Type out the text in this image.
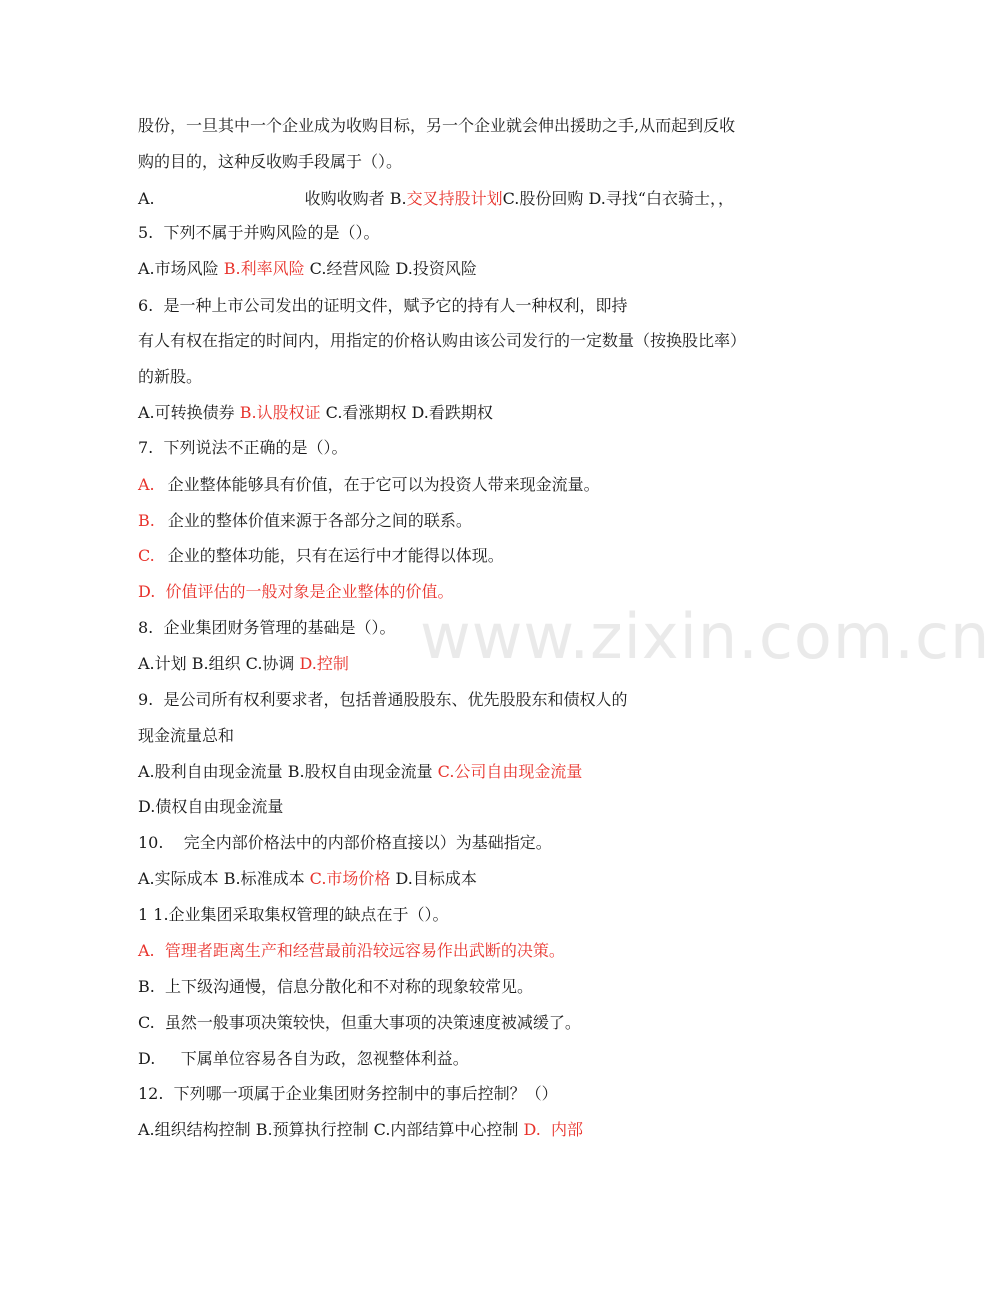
www.zixin.com.cn
股份，一旦其中一个企业成为收购目标，另一个企业就会伸出援助之手,从而起到反收
购的目的，这种反收购手段属于（）。
A.	收购收购者 B.交叉持股计划C.股份回购 D.寻找“白衣骑士，，
5.  下列不属于并购风险的是（）。
A.市场风险 B.利率风险 C.经营风险 D.投资风险
6.  是一种上市公司发出的证明文件，赋予它的持有人一种权利，即持
有人有权在指定的时间内，用指定的价格认购由该公司发行的一定数量（按换股比率）
的新股。
A.可转换债券 B.认股权证 C.看涨期权 D.看跌期权
7.  下列说法不正确的是（）。
A. 企业整体能够具有价值，在于它可以为投资人带来现金流量。
B. 企业的整体价值来源于各部分之间的联系。
C. 企业的整体功能，只有在运行中才能得以体现。
D.  价值评估的一般对象是企业整体的价值。
8.  企业集团财务管理的基础是（）。
A.计划 B.组织 C.协调 D.控制
9.  是公司所有权利要求者，包括普通股股东、优先股股东和债权人的
现金流量总和
A.股利自由现金流量 B.股权自由现金流量 C.公司自由现金流量
D.债权自由现金流量
10.    完全内部价格法中的内部价格直接以）为基础指定。
A.实际成本 B.标准成本 C.市场价格 D.目标成本
1 1.企业集团采取集权管理的缺点在于（）。
A.  管理者距离生产和经营最前沿较远容易作出武断的决策。
B.  上下级沟通慢，信息分散化和不对称的现象较常见。
C.  虽然一般事项决策较快，但重大事项的决策速度被减缓了。
D.     下属单位容易各自为政，忽视整体利益。
12.  下列哪一项属于企业集团财务控制中的事后控制？（）
A.组织结构控制 B.预算执行控制 C.内部结算中心控制 D.  内部
